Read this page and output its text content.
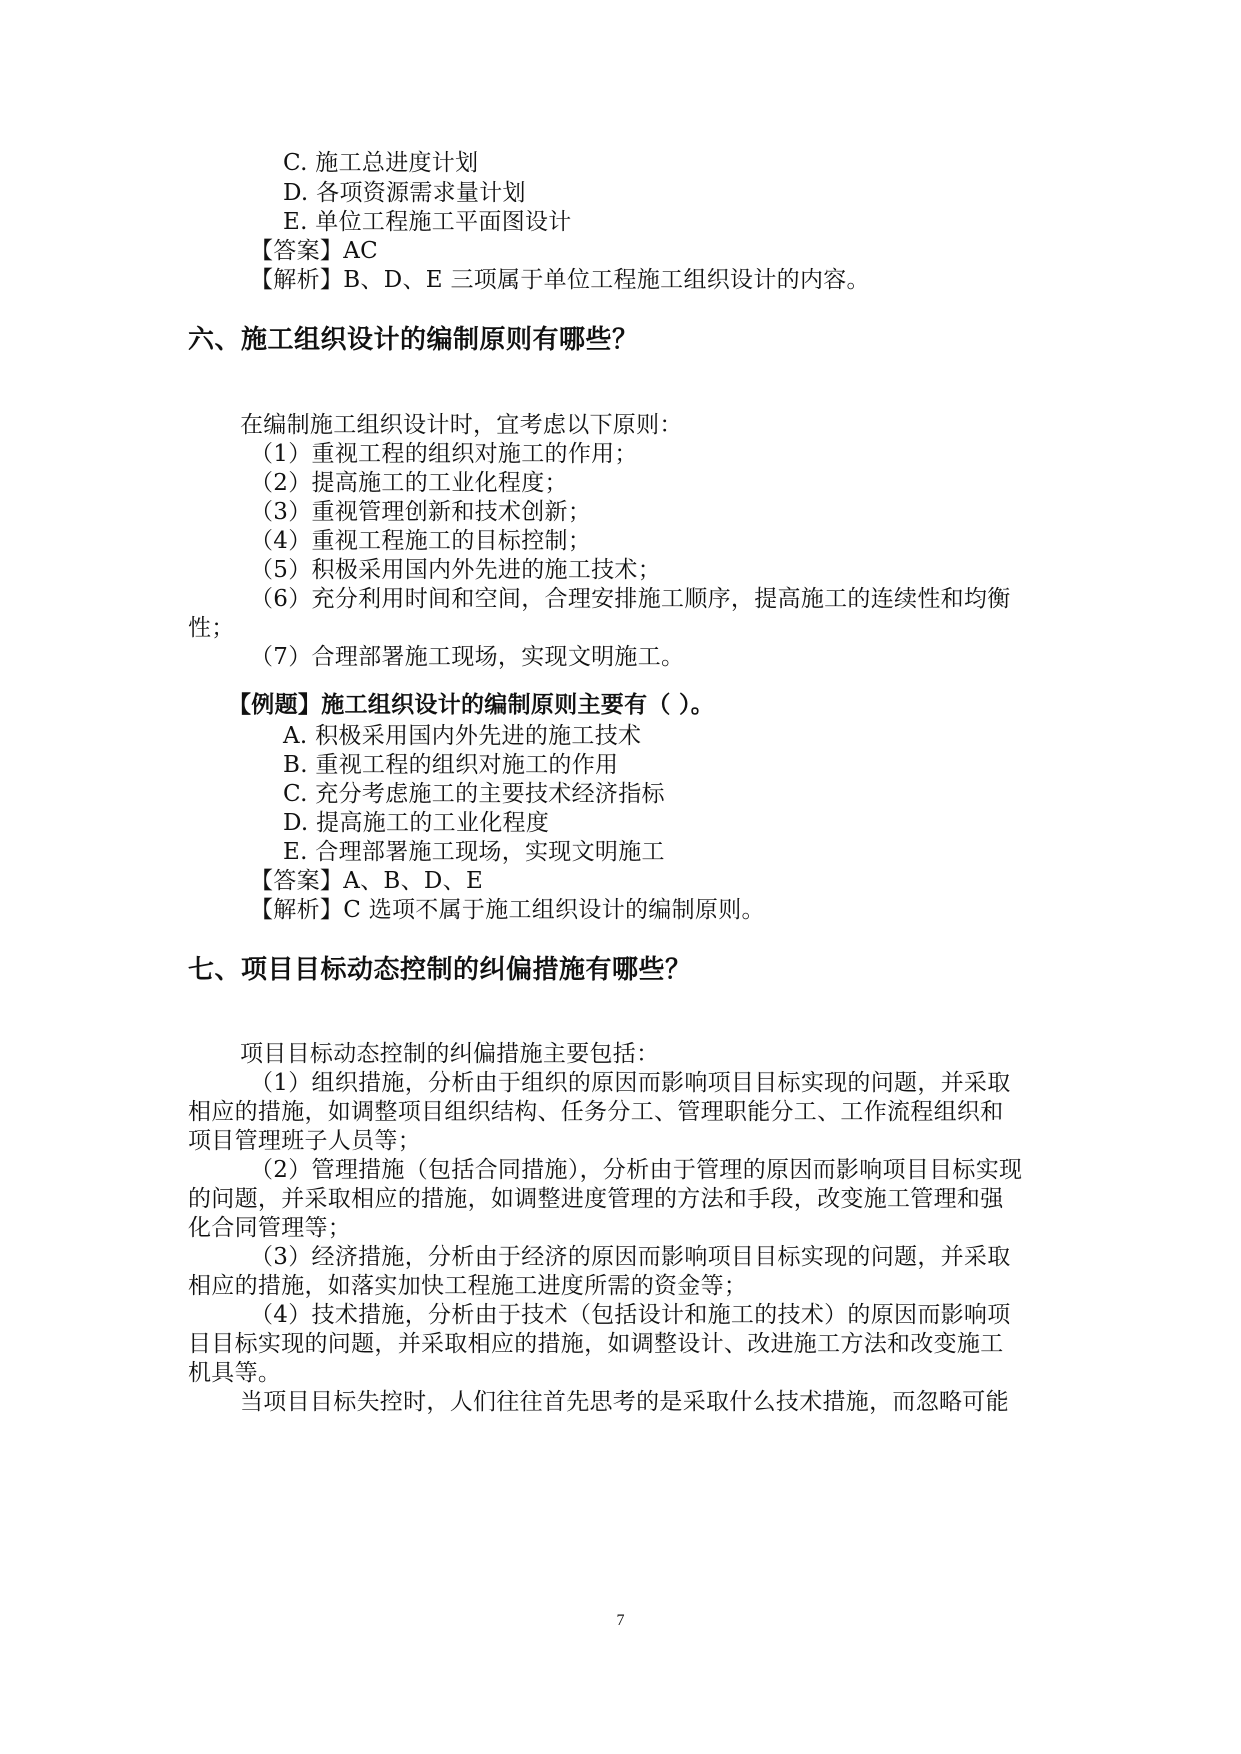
C. 施工总进度计划
D. 各项资源需求量计划
E. 单位工程施工平面图设计
【答案】AC
【解析】B、D、E 三项属于单位工程施工组织设计的内容。
六、施工组织设计的编制原则有哪些？
在编制施工组织设计时，宜考虑以下原则：
（1）重视工程的组织对施工的作用；
（2）提高施工的工业化程度；
（3）重视管理创新和技术创新；
（4）重视工程施工的目标控制；
（5）积极采用国内外先进的施工技术；
（6）充分利用时间和空间，合理安排施工顺序，提高施工的连续性和均衡
性；
（7）合理部署施工现场，实现文明施工。
【例题】施工组织设计的编制原则主要有（ ）。
A. 积极采用国内外先进的施工技术
B. 重视工程的组织对施工的作用
C. 充分考虑施工的主要技术经济指标
D. 提高施工的工业化程度
E. 合理部署施工现场，实现文明施工
【答案】A、B、D、E
【解析】C 选项不属于施工组织设计的编制原则。
七、项目目标动态控制的纠偏措施有哪些？
项目目标动态控制的纠偏措施主要包括：
（1）组织措施，分析由于组织的原因而影响项目目标实现的问题，并采取
相应的措施，如调整项目组织结构、任务分工、管理职能分工、工作流程组织和
项目管理班子人员等；
（2）管理措施（包括合同措施），分析由于管理的原因而影响项目目标实现
的问题，并采取相应的措施，如调整进度管理的方法和手段，改变施工管理和强
化合同管理等；
（3）经济措施，分析由于经济的原因而影响项目目标实现的问题，并采取
相应的措施，如落实加快工程施工进度所需的资金等；
（4）技术措施，分析由于技术（包括设计和施工的技术）的原因而影响项
目目标实现的问题，并采取相应的措施，如调整设计、改进施工方法和改变施工
机具等。
当项目目标失控时，人们往往首先思考的是采取什么技术措施，而忽略可能
7
